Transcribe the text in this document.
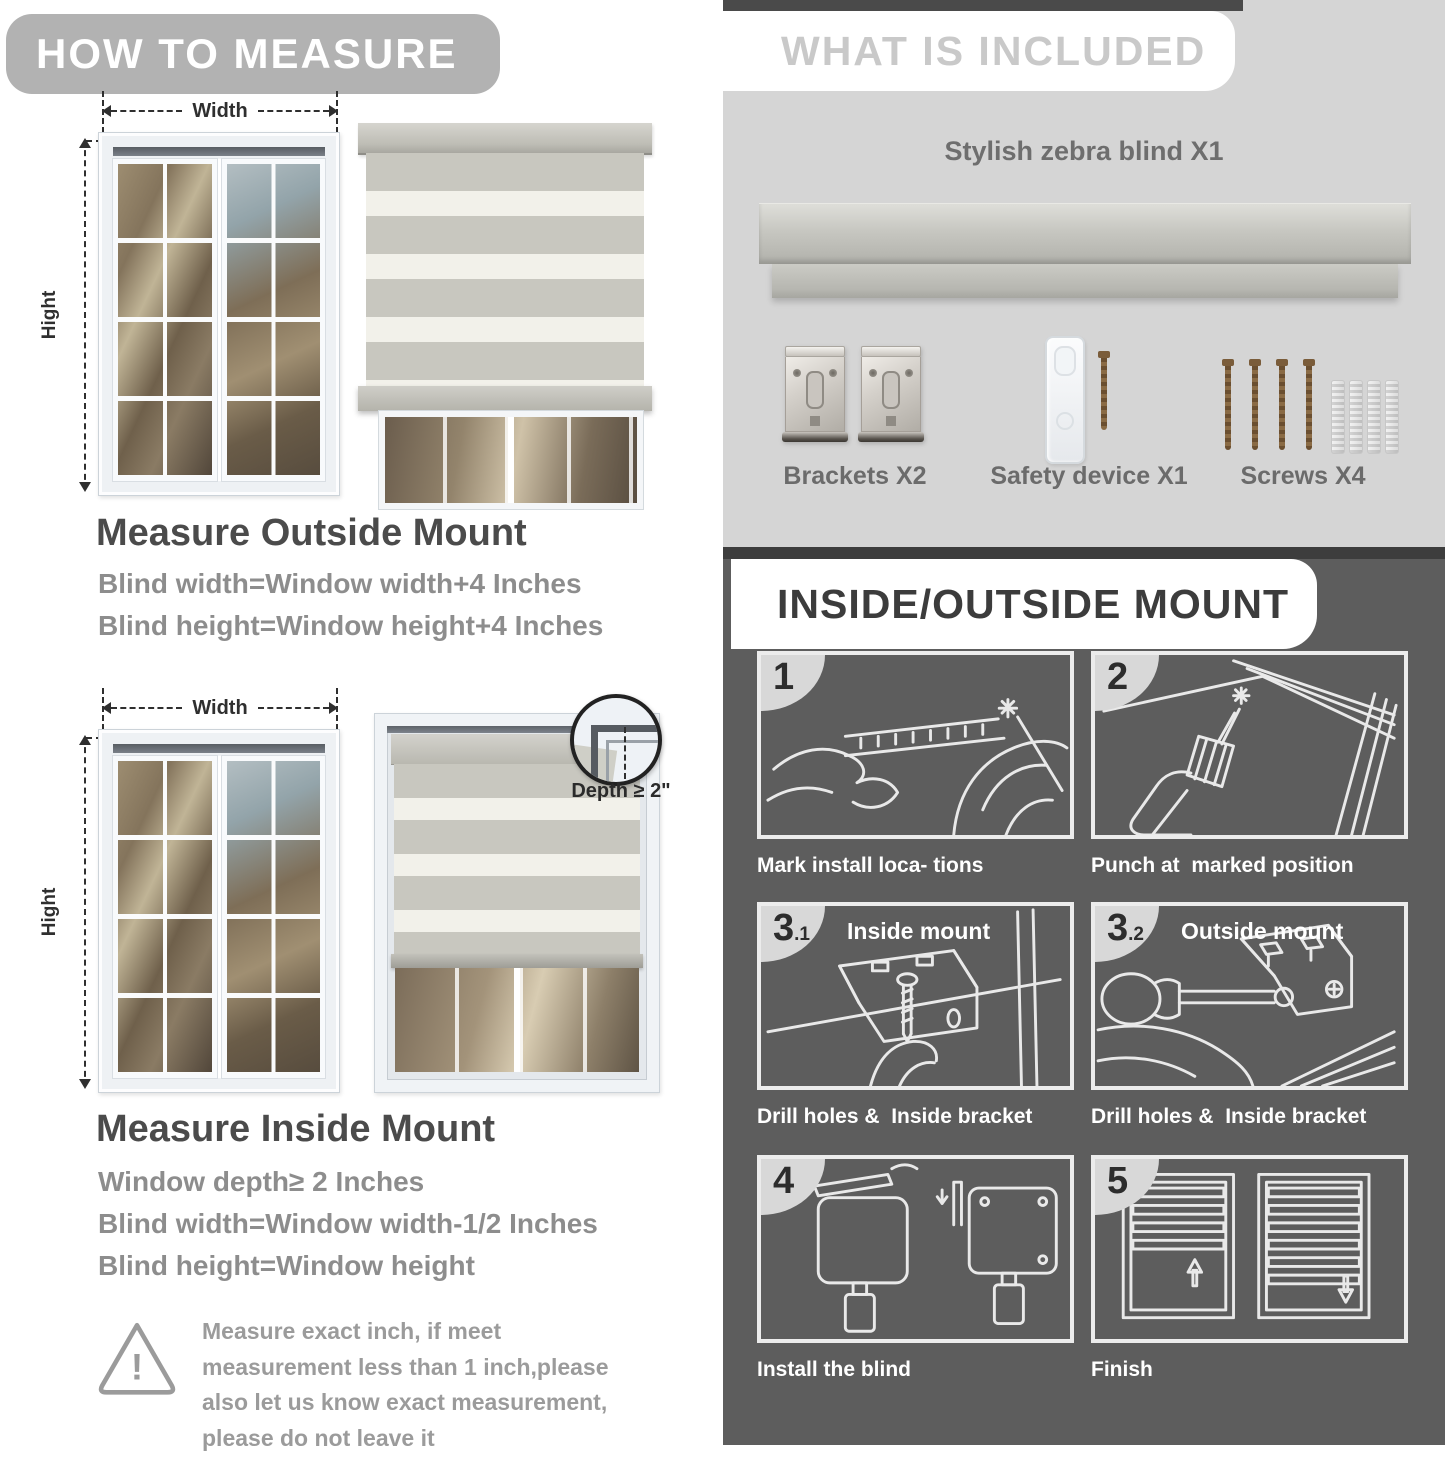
HOW TO MEASURE
Width
Hight
Measure Outside Mount
Blind width=Window width+4 Inches
Blind height=Window height+4 Inches
Width
Hight
Depth ≥ 2"
Measure Inside Mount
Window depth≥ 2 Inches
Blind width=Window width-1/2 Inches
Blind height=Window height
!
Measure exact inch, if meet measurement less than 1 inch,please also let us know exact measurement, please do not leave it
WHAT IS INCLUDED
Stylish zebra blind X1
Brackets X2	Safety device X1 Screws X4
INSIDE/OUTSIDE MOUNT
1
Mark install loca- tions
2
Punch at  marked position
3 .1 Inside mount
Drill holes &  Inside bracket
3 .2 Outside mount
Drill holes &  Inside bracket
4
Install the blind
5
Finish
